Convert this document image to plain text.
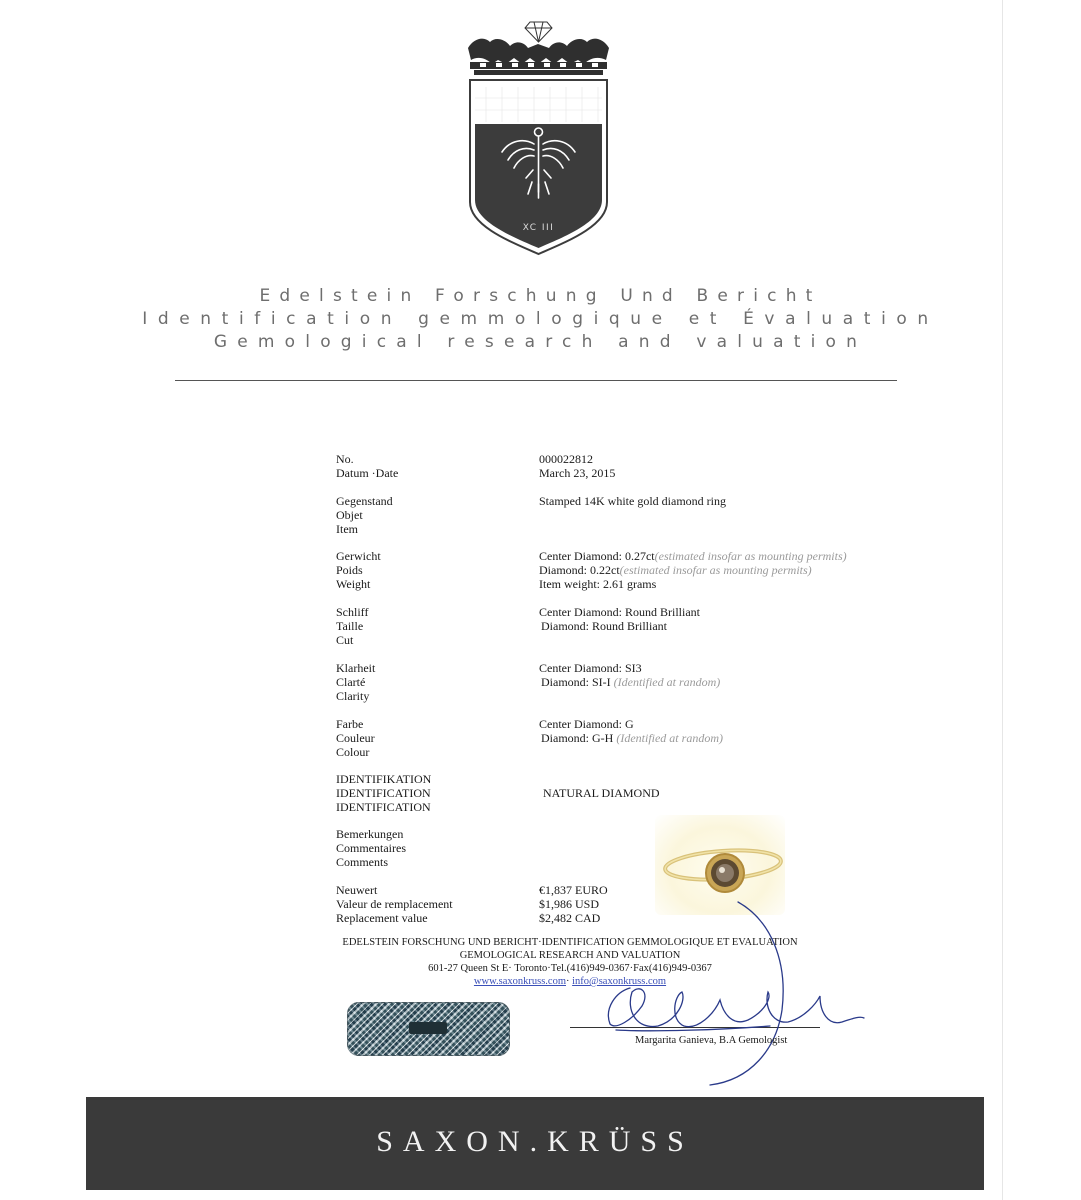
XC III
Edelstein Forschung Und Bericht
Identification gemmologique et Évaluation
Gemological research and valuation
No.	000022812
Datum ·Date	March 23, 2015
Gegenstand	Stamped 14K white gold diamond ring
Objet
Item
Gerwicht	Center Diamond: 0.27ct(estimated insofar as mounting permits)
Poids	Diamond: 0.22ct(estimated insofar as mounting permits)
Weight	Item weight: 2.61 grams
Schliff	Center Diamond: Round Brilliant
Taille	Diamond: Round Brilliant
Cut
Klarheit	Center Diamond: SI3
Clarté	Diamond: SI-I (Identified at random)
Clarity
Farbe	Center Diamond: G
Couleur	Diamond: G-H (Identified at random)
Colour
IDENTIFIKATION
IDENTIFICATION	NATURAL DIAMOND
IDENTIFICATION
Bemerkungen
Commentaires
Comments
Neuwert	€1,837 EURO
Valeur de remplacement	$1,986 USD
Replacement value	$2,482 CAD
EDELSTEIN FORSCHUNG UND BERICHT·IDENTIFICATION GEMMOLOGIQUE ET EVALUATION
GEMOLOGICAL RESEARCH AND VALUATION
601-27 Queen St E· Toronto·Tel.(416)949-0367·Fax(416)949-0367
www.saxonkruss.com· info@saxonkruss.com
Margarita Ganieva, B.A Gemologist
SAXON.KRÜSS
